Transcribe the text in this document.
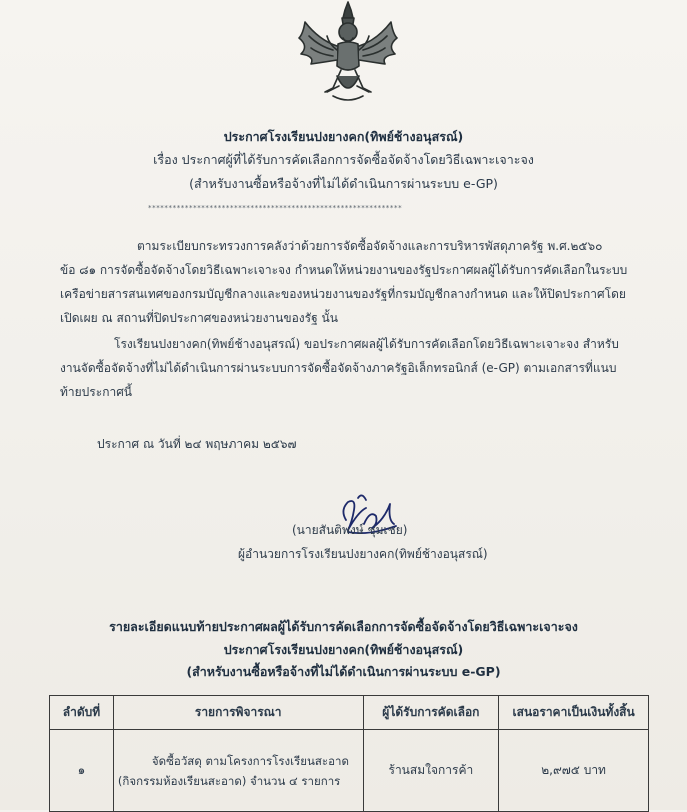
ประกาศโรงเรียนปงยางคก(ทิพย์ช้างอนุสรณ์)
เรื่อง ประกาศผู้ที่ได้รับการคัดเลือกการจัดซื้อจัดจ้างโดยวิธีเฉพาะเจาะจง
(สำหรับงานซื้อหรือจ้างที่ไม่ได้ดำเนินการผ่านระบบ e-GP)
**************************************************************
ตามระเบียบกระทรวงการคลังว่าด้วยการจัดซื้อจัดจ้างและการบริหารพัสดุภาครัฐ พ.ศ.๒๕๖๐
ข้อ ๘๑ การจัดซื้อจัดจ้างโดยวิธีเฉพาะเจาะจง กำหนดให้หน่วยงานของรัฐประกาศผลผู้ได้รับการคัดเลือกในระบบ
เครือข่ายสารสนเทศของกรมบัญชีกลางและของหน่วยงานของรัฐที่กรมบัญชีกลางกำหนด และให้ปิดประกาศโดย
เปิดเผย ณ สถานที่ปิดประกาศของหน่วยงานของรัฐ นั้น
โรงเรียนปงยางคก(ทิพย์ช้างอนุสรณ์) ขอประกาศผลผู้ได้รับการคัดเลือกโดยวิธีเฉพาะเจาะจง สำหรับ
งานจัดซื้อจัดจ้างที่ไม่ได้ดำเนินการผ่านระบบการจัดซื้อจัดจ้างภาครัฐอิเล็กทรอนิกส์ (e-GP) ตามเอกสารที่แนบ
ท้ายประกาศนี้
ประกาศ ณ วันที่ ๒๔ พฤษภาคม ๒๕๖๗
(นายสันติพงษ์ ชุ่มเชย)
ผู้อำนวยการโรงเรียนปงยางคก(ทิพย์ช้างอนุสรณ์)
รายละเอียดแนบท้ายประกาศผลผู้ได้รับการคัดเลือกการจัดซื้อจัดจ้างโดยวิธีเฉพาะเจาะจง
ประกาศโรงเรียนปงยางคก(ทิพย์ช้างอนุสรณ์)
(สำหรับงานซื้อหรือจ้างที่ไม่ได้ดำเนินการผ่านระบบ e-GP)
ลำดับที่	รายการพิจารณา	ผู้ได้รับการคัดเลือก	เสนอราคาเป็นเงินทั้งสิ้น
๑	จัดซื้อวัสดุ ตามโครงการโรงเรียนสะอาด
(กิจกรรมห้องเรียนสะอาด) จำนวน ๔ รายการ	ร้านสมใจการค้า	๒,๙๗๕ บาท
